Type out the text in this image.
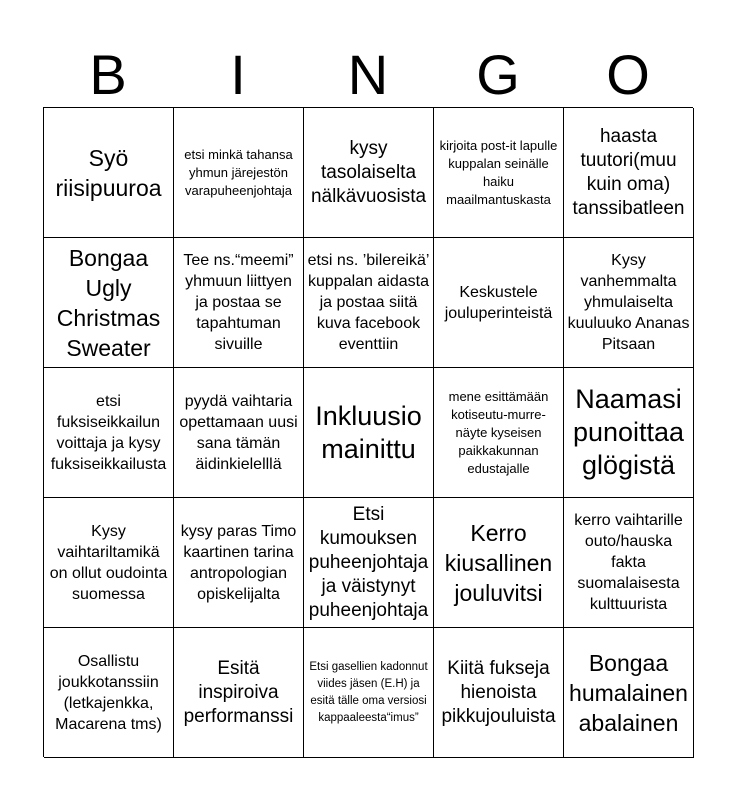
B	I	N	G	O
Syö riisipuuroa
etsi minkä tahansa yhmun järejestön varapuheenjohtaja
kysy tasolaiselta nälkävuosista
kirjoita post-it lapulle kuppalan seinälle haiku maailmantuskasta
haasta tuutori(muu kuin oma) tanssibatleen
Bongaa Ugly Christmas Sweater
Tee ns.“meemi” yhmuun liittyen ja postaa se tapahtuman sivuille
etsi ns. ’bilereikä’ kuppalan aidasta ja postaa siitä kuva facebook eventtiin
Keskustele jouluperinteistä
Kysy vanhemmalta yhmulaiselta kuuluuko Ananas Pitsaan
etsi fuksiseikkailun voittaja ja kysy fuksiseikkailusta
pyydä vaihtaria opettamaan uusi sana tämän äidinkielelllä
Inkluusio mainittu
mene esittämään kotiseutu-murre-näyte kyseisen paikkakunnan edustajalle
Naamasi punoittaa glögistä
Kysy vaihtariltamikä on ollut oudointa suomessa
kysy paras Timo kaartinen tarina antropologian opiskelijalta
Etsi kumouksen puheenjohtaja ja väistynyt puheenjohtaja
Kerro kiusallinen jouluvitsi
kerro vaihtarille outo/hauska fakta suomalaisesta kulttuurista
Osallistu joukkotanssiin (letkajenkka, Macarena tms)
Esitä inspiroiva performanssi
Etsi gasellien kadonnut viides jäsen (E.H) ja esitä tälle oma versiosi kappaaleesta“imus”
Kiitä fukseja hienoista pikkujouluista
Bongaa humalainen abalainen
